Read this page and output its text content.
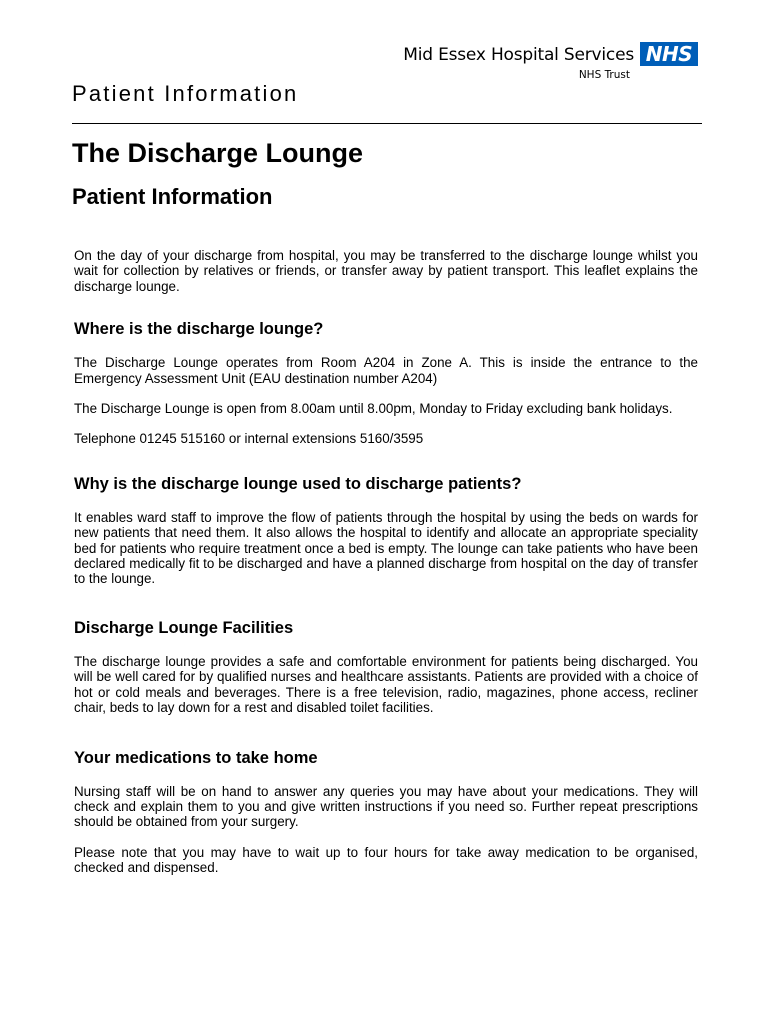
Mid Essex Hospital Services
NHS Trust
NHS
Patient Information
The Discharge Lounge
Patient Information

On the day of your discharge from hospital, you may be transferred to the discharge lounge whilst you wait for collection by relatives or friends, or transfer away by patient transport. This leaflet explains the discharge lounge.

Where is the discharge lounge?

The Discharge Lounge operates from Room A204 in Zone A. This is inside the entrance to the Emergency Assessment Unit (EAU destination number A204)

The Discharge Lounge is open from 8.00am until 8.00pm, Monday to Friday excluding bank holidays.

Telephone 01245 515160 or internal extensions 5160/3595

Why is the discharge lounge used to discharge patients?

It enables ward staff to improve the flow of patients through the hospital by using the beds on wards for new patients that need them. It also allows the hospital to identify and allocate an appropriate speciality bed for patients who require treatment once a bed is empty. The lounge can take patients who have been declared medically fit to be discharged and have a planned discharge from hospital on the day of transfer to the lounge.

Discharge Lounge Facilities

The discharge lounge provides a safe and comfortable environment for patients being discharged. You will be well cared for by qualified nurses and healthcare assistants. Patients are provided with a choice of hot or cold meals and beverages. There is a free television, radio, magazines, phone access, recliner chair, beds to lay down for a rest and disabled toilet facilities.

Your medications to take home

Nursing staff will be on hand to answer any queries you may have about your medications. They will check and explain them to you and give written instructions if you need so. Further repeat prescriptions should be obtained from your surgery.

Please note that you may have to wait up to four hours for take away medication to be organised, checked and dispensed.
